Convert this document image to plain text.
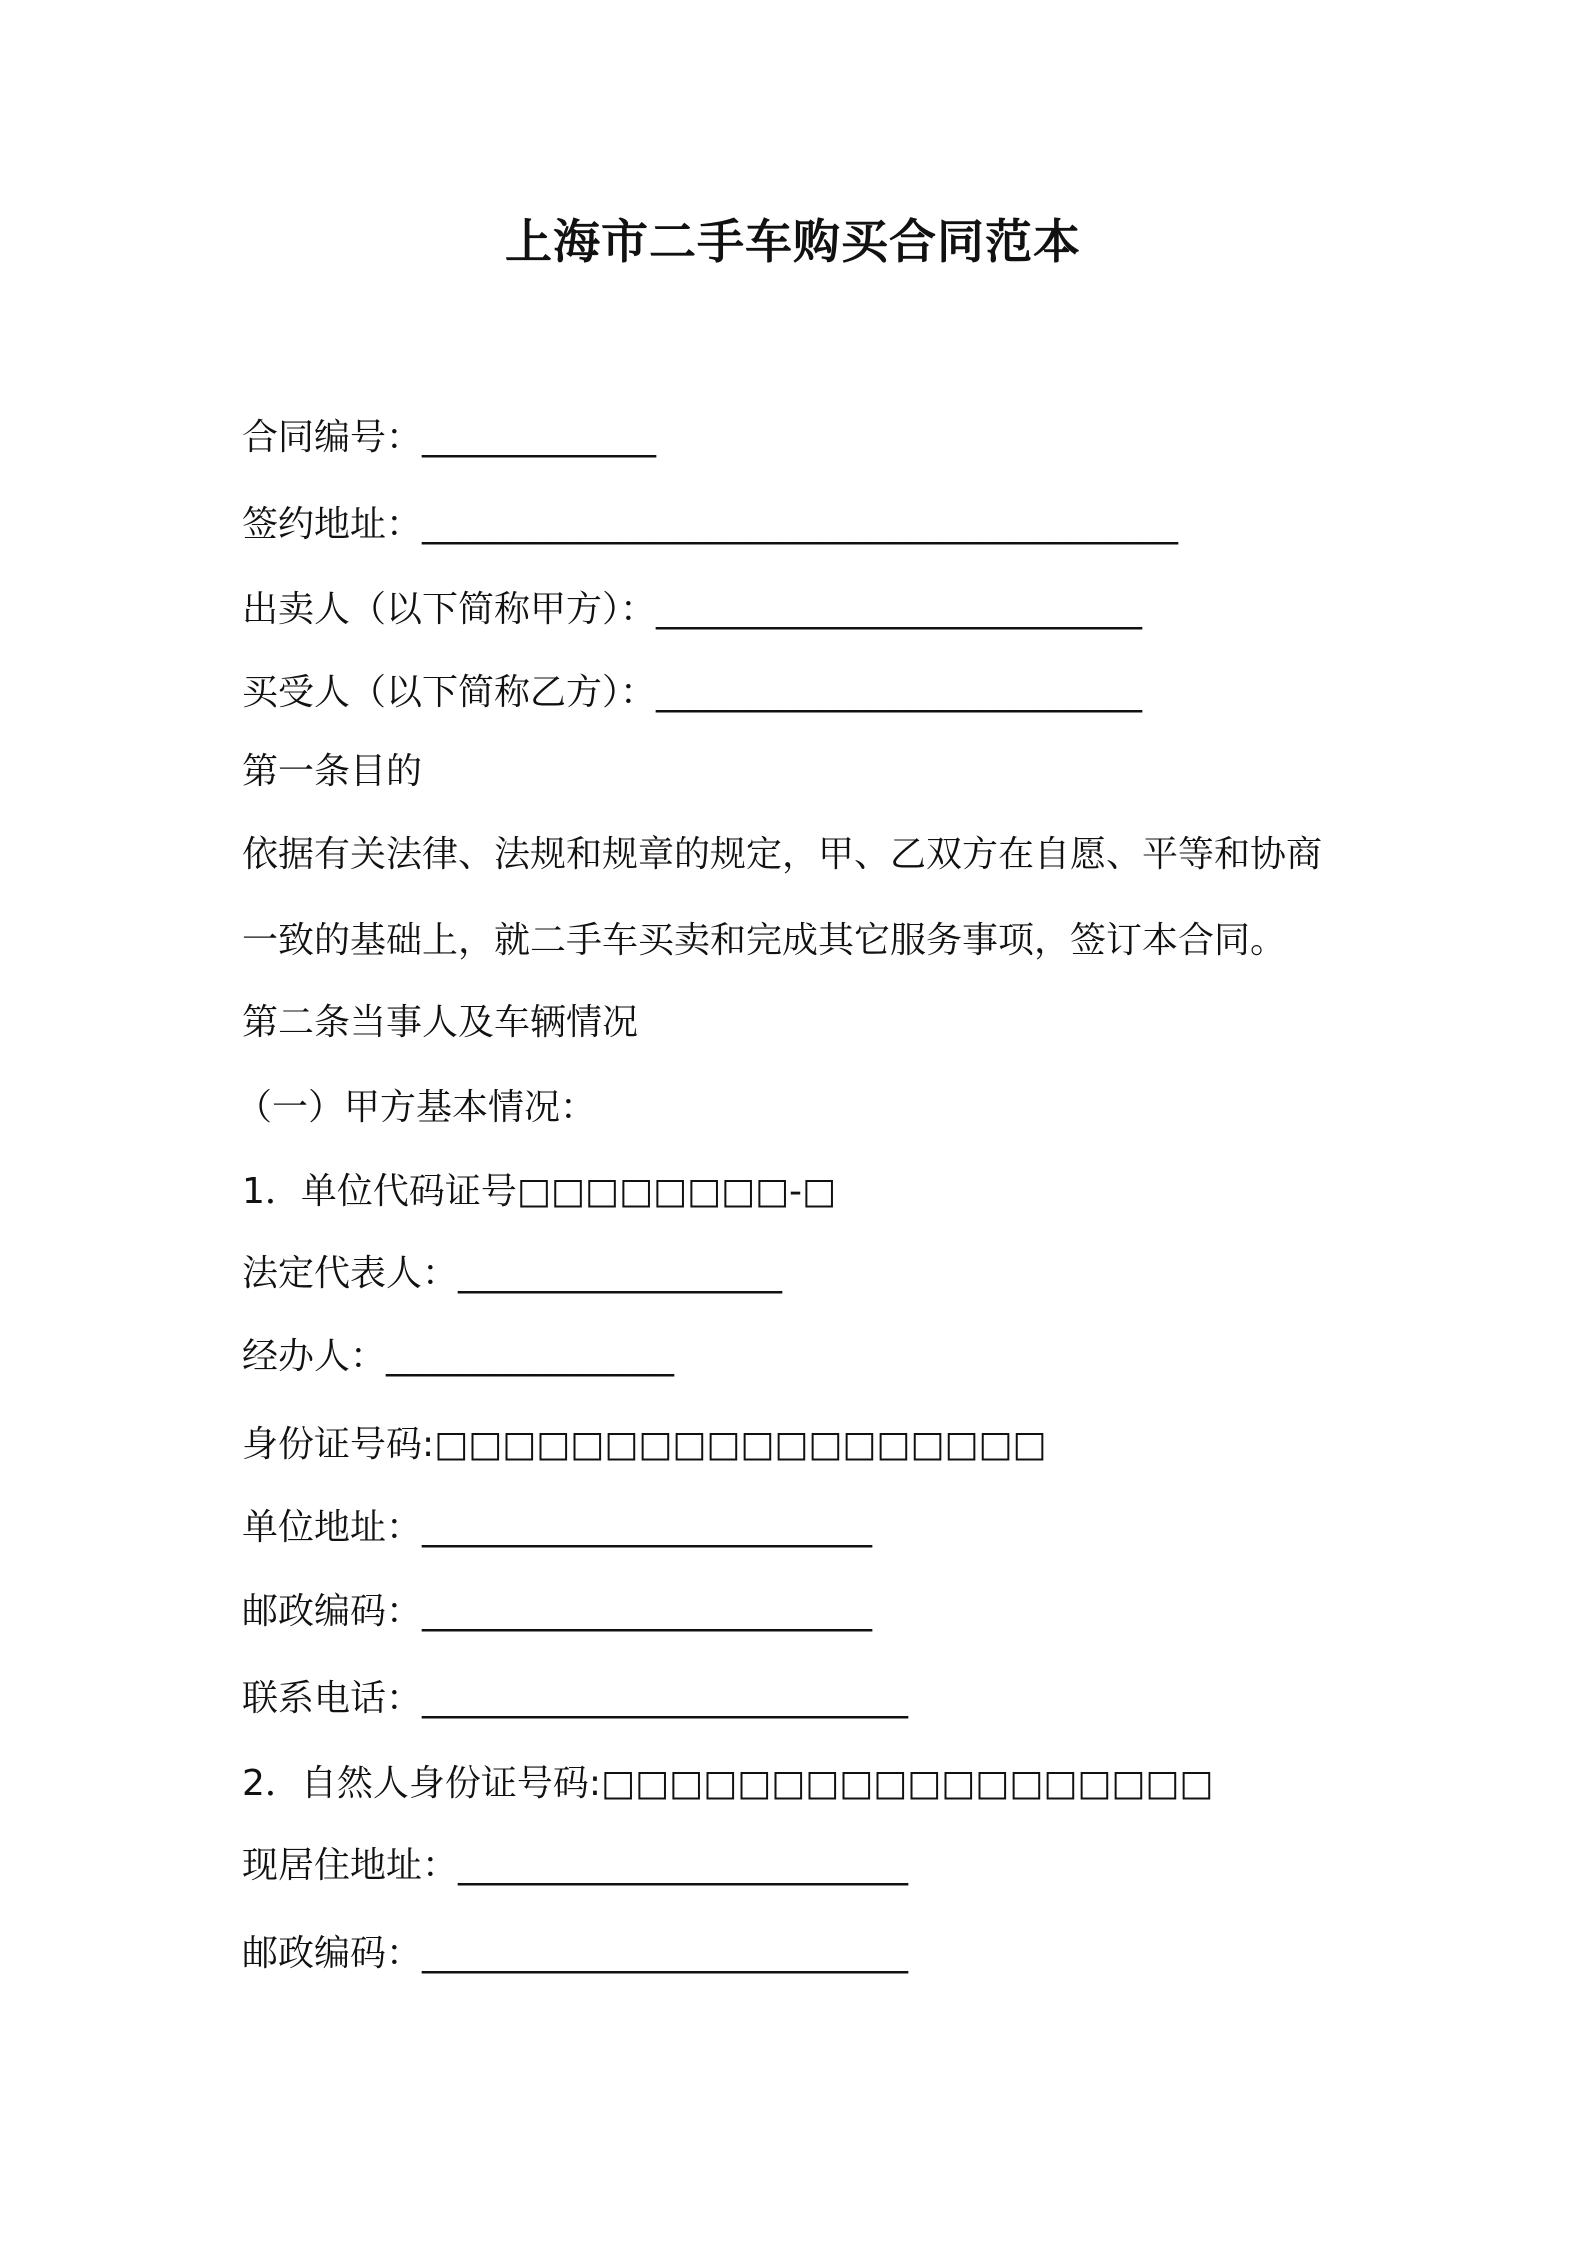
上海市二手车购买合同范本
合同编号：_____________
签约地址：__________________________________________
出卖人（以下简称甲方）：___________________________
买受人（以下简称乙方）：___________________________
第一条目的
依据有关法律、法规和规章的规定，甲、乙双方在自愿、平等和协商
一致的基础上，就二手车买卖和完成其它服务事项，签订本合同。
第二条当事人及车辆情况
（一）甲方基本情况：
1．单位代码证号□□□□□□□□-□
法定代表人：__________________
经办人：________________
身份证号码:□□□□□□□□□□□□□□□□□□
单位地址：_________________________
邮政编码：_________________________
联系电话：___________________________
2．自然人身份证号码:□□□□□□□□□□□□□□□□□□
现居住地址：_________________________
邮政编码：___________________________
